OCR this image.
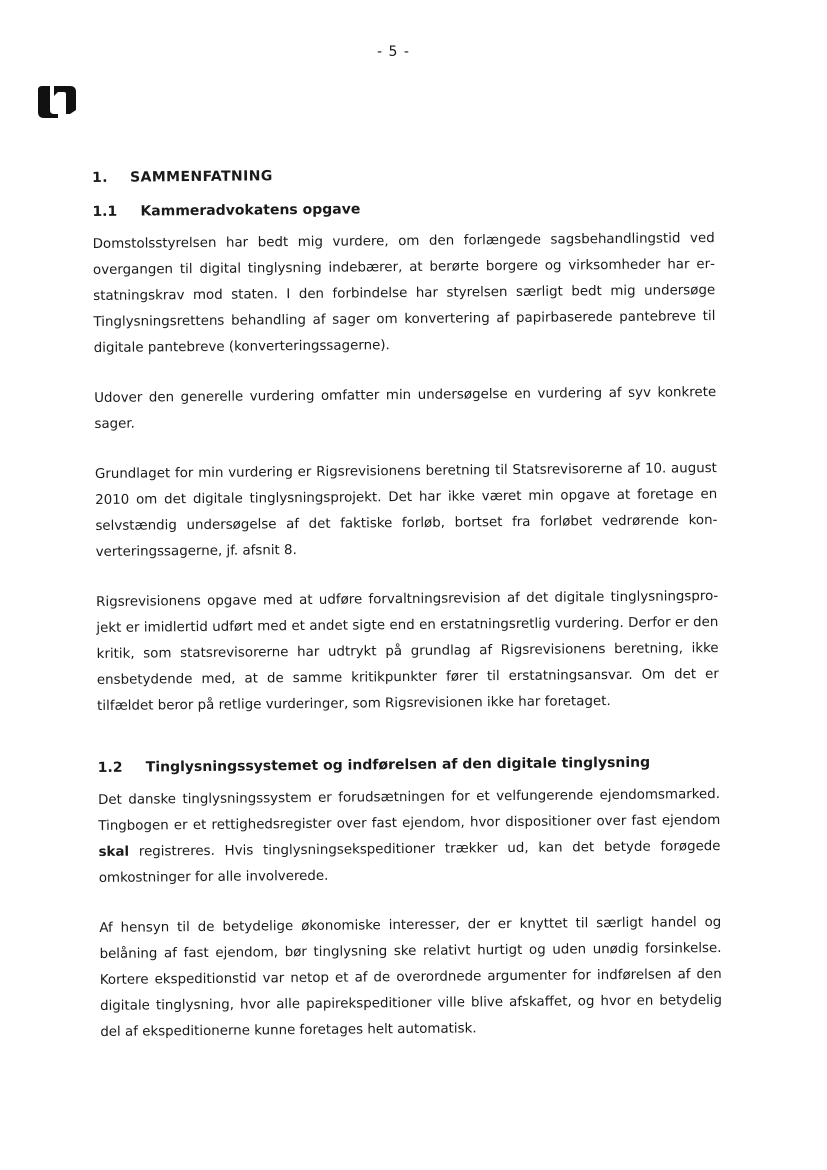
- 5 -
1.	SAMMENFATNING
1.1	Kammeradvokatens opgave

Domstolsstyrelsen har bedt mig vurdere, om den forlængede sagsbehandlingstid ved overgangen til digital tinglysning indebærer, at berørte borgere og virksomheder har erstatningskrav mod staten. I den forbindelse har styrelsen særligt bedt mig undersøge Tinglysningsrettens behandling af sager om konvertering af papirbaserede pantebreve til digitale pantebreve (konverteringssagerne).

Udover den generelle vurdering omfatter min undersøgelse en vurdering af syv konkrete sager.

Grundlaget for min vurdering er Rigsrevisionens beretning til Statsrevisorerne af 10. august 2010 om det digitale tinglysningsprojekt. Det har ikke været min opgave at foretage en selvstændig undersøgelse af det faktiske forløb, bortset fra forløbet vedrørende konverteringssagerne, jf. afsnit 8.

Rigsrevisionens opgave med at udføre forvaltningsrevision af det digitale tinglysningsprojekt er imidlertid udført med et andet sigte end en erstatningsretlig vurdering. Derfor er den kritik, som statsrevisorerne har udtrykt på grundlag af Rigsrevisionens beretning, ikke ensbetydende med, at de samme kritikpunkter fører til erstatningsansvar. Om det er tilfældet beror på retlige vurderinger, som Rigsrevisionen ikke har foretaget.

1.2	Tinglysningssystemet og indførelsen af den digitale tinglysning

Det danske tinglysningssystem er forudsætningen for et velfungerende ejendomsmarked. Tingbogen er et rettighedsregister over fast ejendom, hvor dispositioner over fast ejendom skal registreres. Hvis tinglysningsekspeditioner trækker ud, kan det betyde forøgede omkostninger for alle involverede.

Af hensyn til de betydelige økonomiske interesser, der er knyttet til særligt handel og belåning af fast ejendom, bør tinglysning ske relativt hurtigt og uden unødig forsinkelse. Kortere ekspeditionstid var netop et af de overordnede argumenter for indførelsen af den digitale tinglysning, hvor alle papirekspeditioner ville blive afskaffet, og hvor en betydelig del af ekspeditionerne kunne foretages helt automatisk.
